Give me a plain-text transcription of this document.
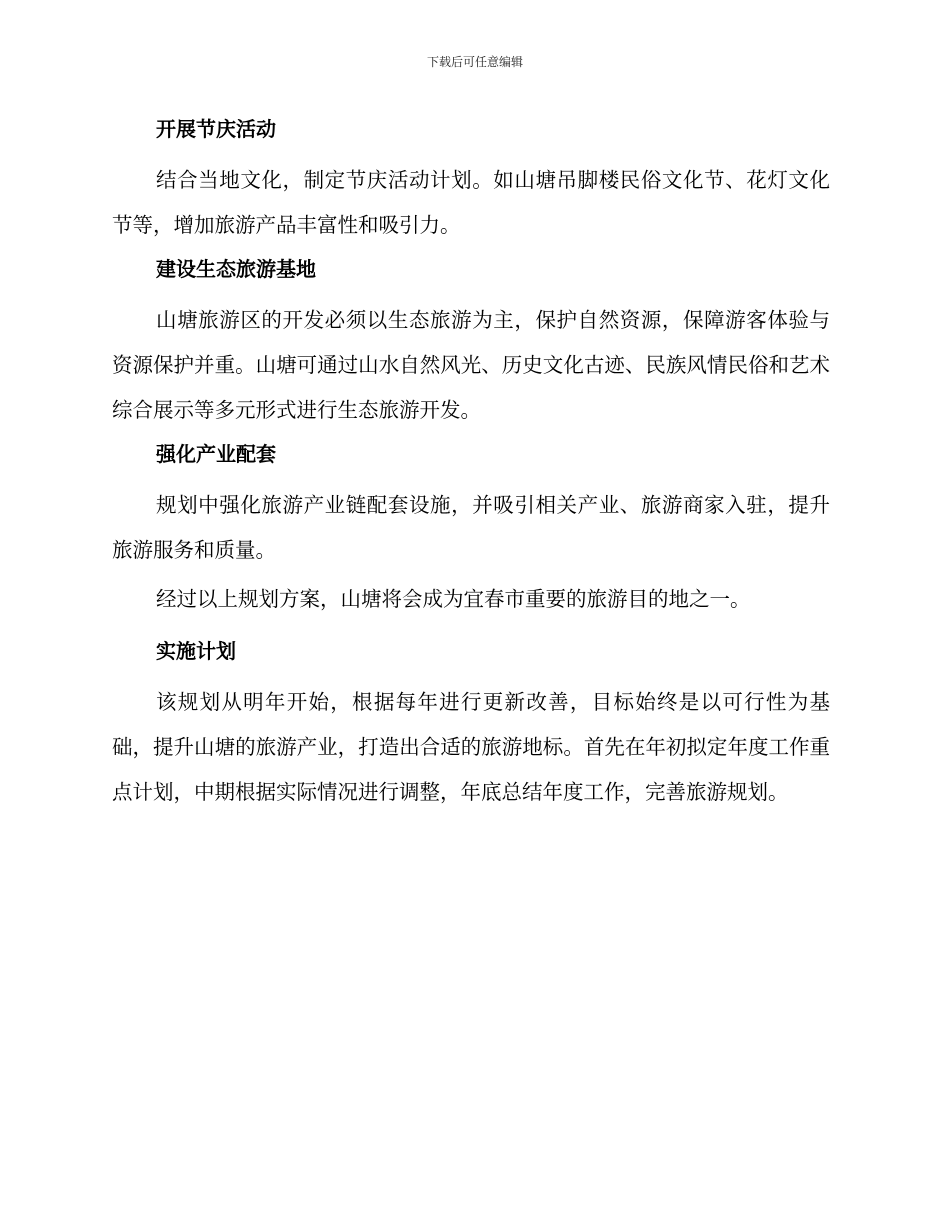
下载后可任意编辑
开展节庆活动

结合当地文化，制定节庆活动计划。如山塘吊脚楼民俗文化节、花灯文化节等，增加旅游产品丰富性和吸引力。

建设生态旅游基地

山塘旅游区的开发必须以生态旅游为主，保护自然资源，保障游客体验与资源保护并重。山塘可通过山水自然风光、历史文化古迹、民族风情民俗和艺术综合展示等多元形式进行生态旅游开发。

强化产业配套

规划中强化旅游产业链配套设施，并吸引相关产业、旅游商家入驻，提升旅游服务和质量。

经过以上规划方案，山塘将会成为宜春市重要的旅游目的地之一。

实施计划

该规划从明年开始，根据每年进行更新改善，目标始终是以可行性为基础，提升山塘的旅游产业，打造出合适的旅游地标。首先在年初拟定年度工作重点计划，中期根据实际情况进行调整，年底总结年度工作，完善旅游规划。
